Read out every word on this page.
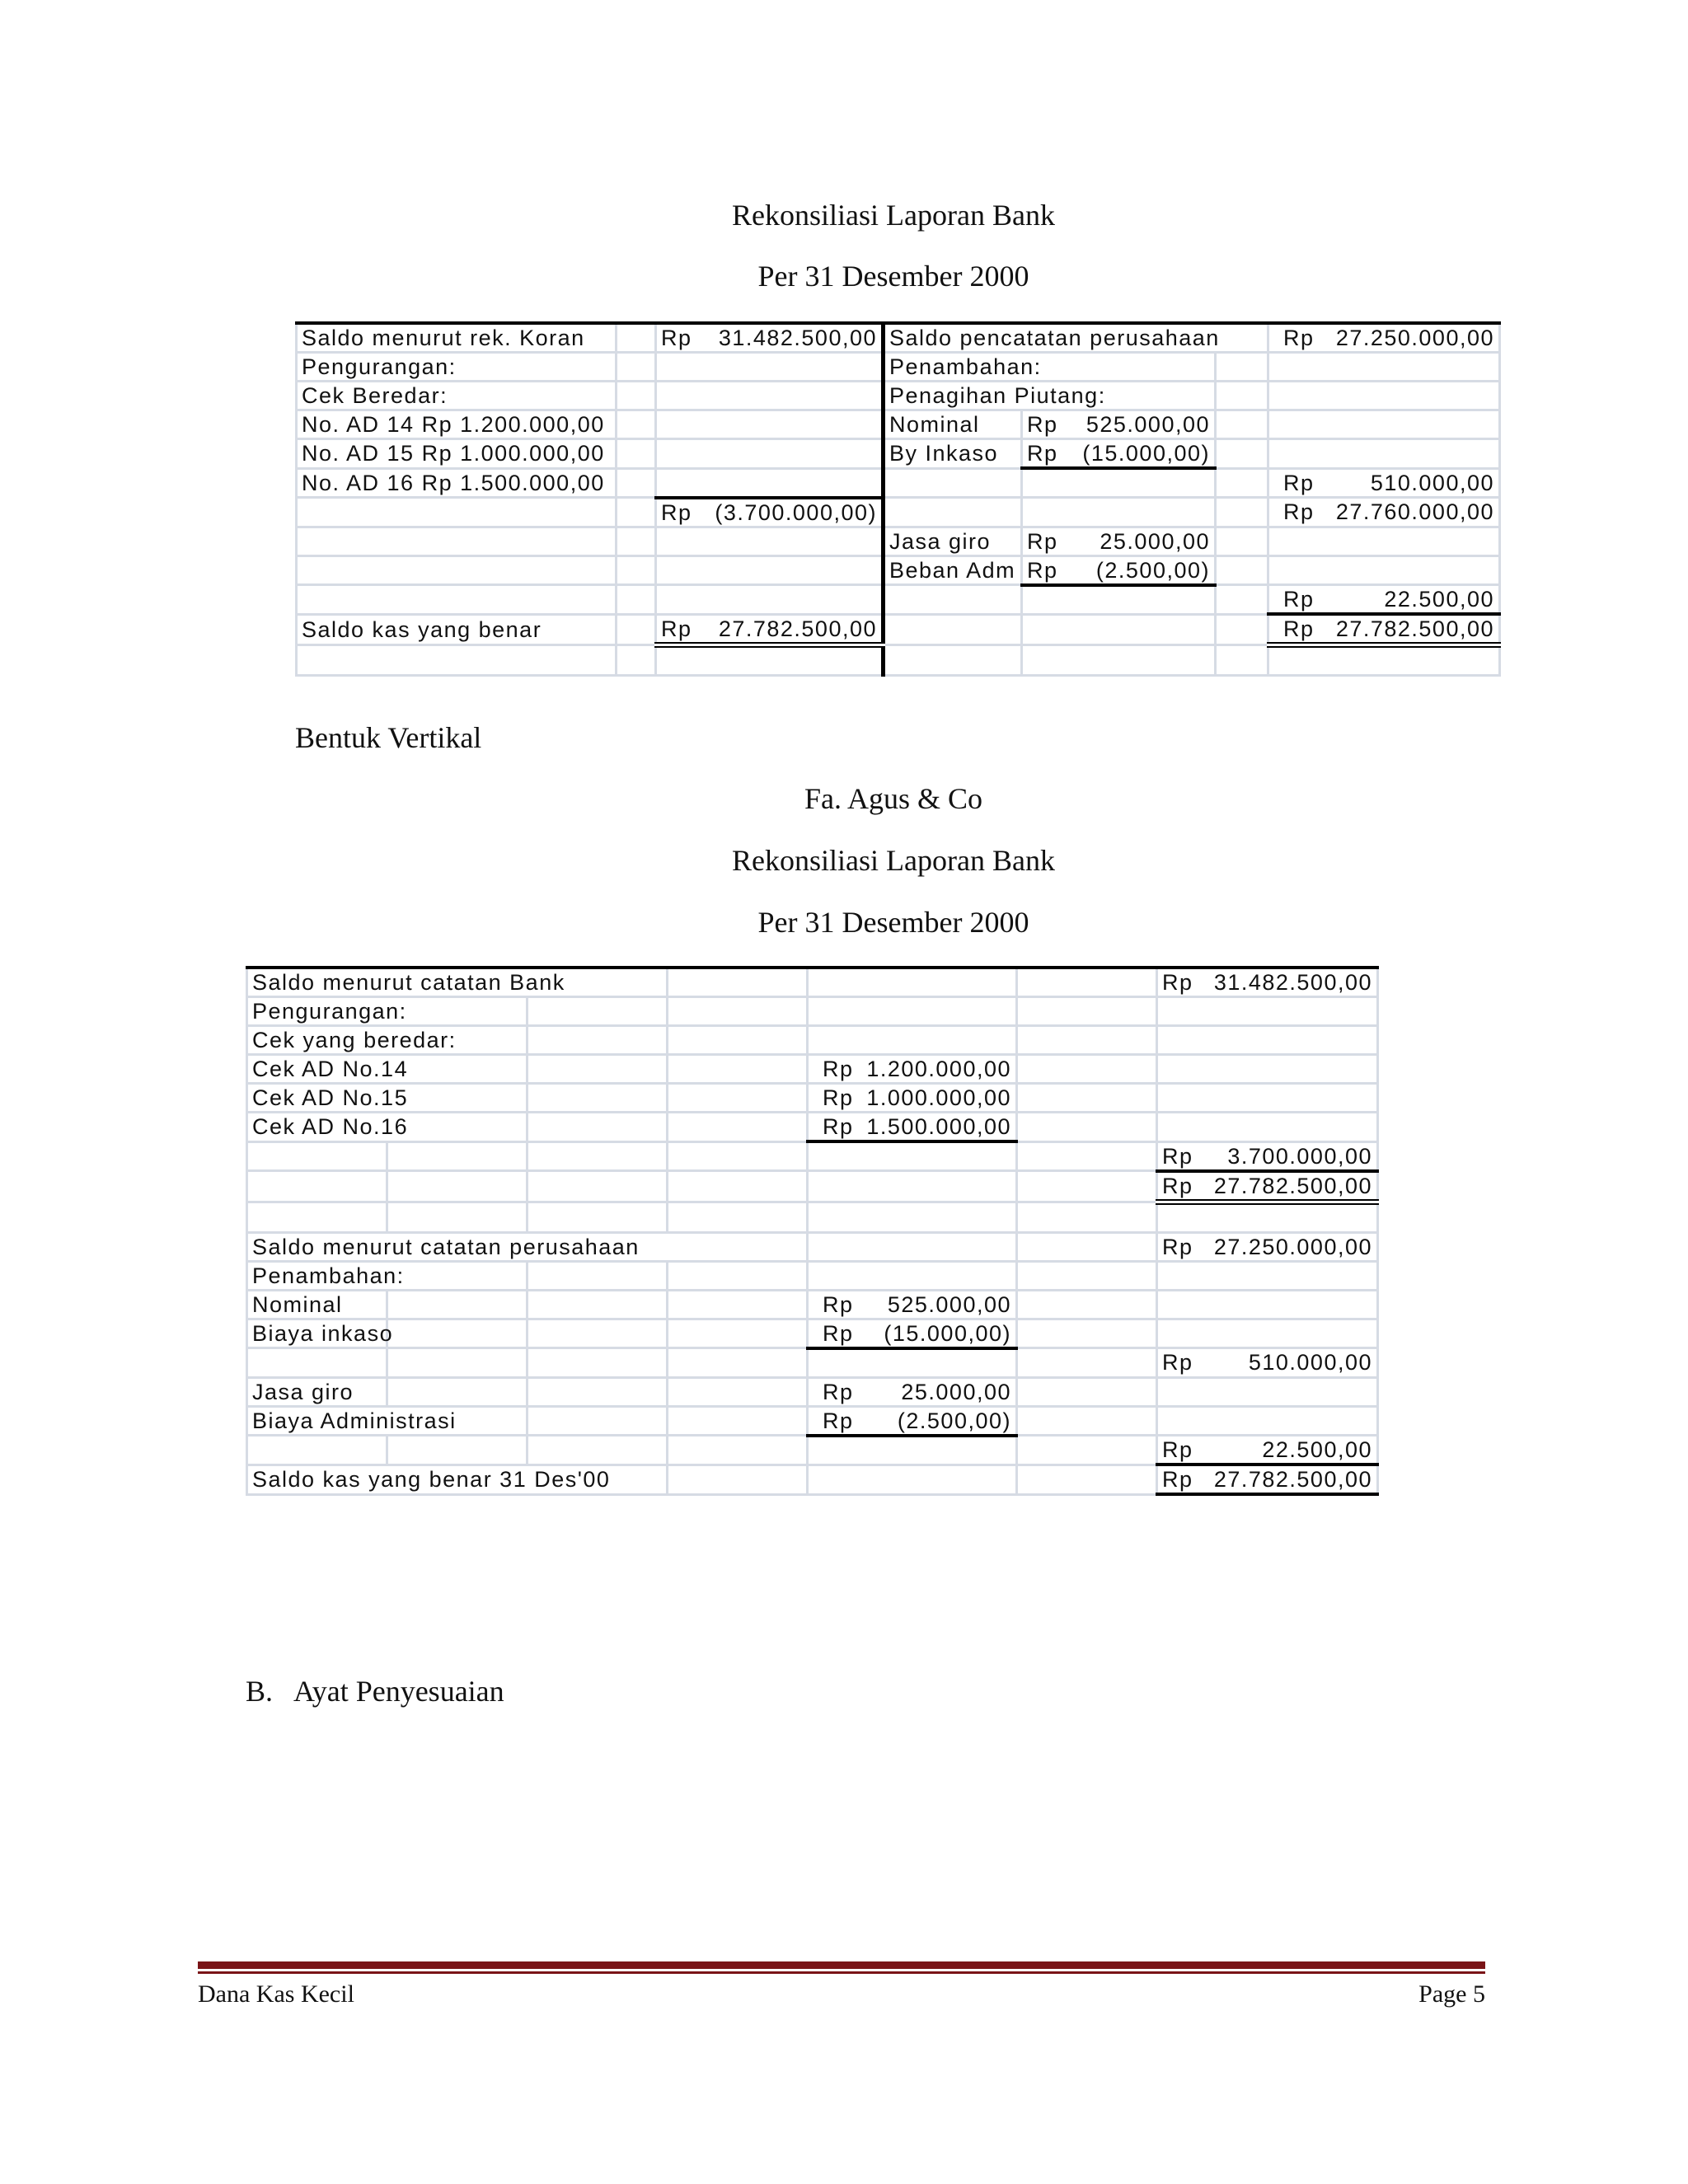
Rekonsiliasi Laporan Bank
Per 31 Desember 2000
Saldo menurut rek. Koran		Rp 31.482.500,00	Saldo pencatatan perusahaan			Rp 27.250.000,00

Pengurangan:			Penambahan:			
Cek Beredar:			Penagihan Piutang:			
No. AD 14 Rp 1.200.000,00			Nominal	Rp 525.000,00		

No. AD 15 Rp 1.000.000,00			By Inkaso	Rp (15.000,00)		

No. AD 16 Rp 1.500.000,00						Rp 510.000,00

		Rp (3.700.000,00)				Rp 27.760.000,00

			Jasa giro	Rp 25.000,00		

			Beban Adm	Rp (2.500,00)		

						Rp 22.500,00

Saldo kas yang benar		Rp 27.782.500,00				Rp 27.782.500,00

Bentuk Vertikal
Fa. Agus & Co
Rekonsiliasi Laporan Bank
Per 31 Desember 2000
Saldo menurut catatan Bank						Rp 31.482.500,00

Pengurangan:						
Cek yang beredar:						
Cek AD No.14				Rp 1.200.000,00		

Cek AD No.15				Rp 1.000.000,00		

Cek AD No.16				Rp 1.500.000,00		

						Rp 3.700.000,00

						Rp 27.782.500,00

Saldo menurut catatan perusahaan						Rp 27.250.000,00

Penambahan:						
Nominal				Rp 525.000,00		

Biaya inkaso				Rp (15.000,00)		

						Rp 510.000,00

Jasa giro				Rp 25.000,00		

Biaya Administrasi				Rp (2.500,00)		

						Rp 22.500,00

Saldo kas yang benar 31 Des'00						Rp 27.782.500,00
B.   Ayat Penyesuaian
Dana Kas Kecil	Page 5
